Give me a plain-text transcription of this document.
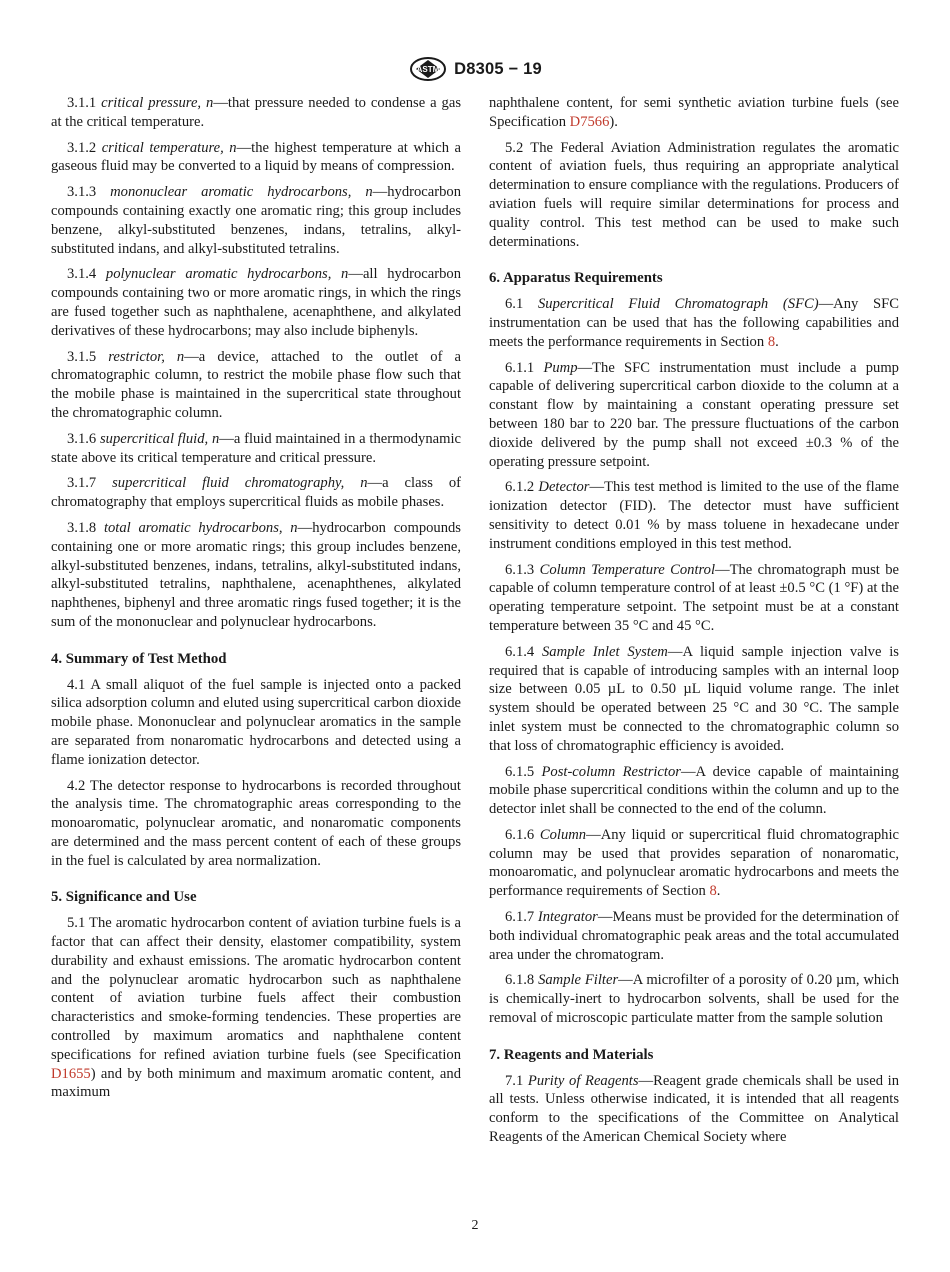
ASTM D8305 − 19

3.1.1 critical pressure, n—that pressure needed to condense a gas at the critical temperature.

3.1.2 critical temperature, n—the highest temperature at which a gaseous fluid may be converted to a liquid by means of compression.

3.1.3 mononuclear aromatic hydrocarbons, n—hydrocarbon compounds containing exactly one aromatic ring; this group includes benzene, alkyl-substituted benzenes, indans, tetralins, alkyl-substituted indans, and alkyl-substituted tetralins.

3.1.4 polynuclear aromatic hydrocarbons, n—all hydrocarbon compounds containing two or more aromatic rings, in which the rings are fused together such as naphthalene, acenaphthene, and alkylated derivatives of these hydrocarbons; may also include biphenyls.

3.1.5 restrictor, n—a device, attached to the outlet of a chromatographic column, to restrict the mobile phase flow such that the mobile phase is maintained in the supercritical state throughout the chromatographic column.

3.1.6 supercritical fluid, n—a fluid maintained in a thermodynamic state above its critical temperature and critical pressure.

3.1.7 supercritical fluid chromatography, n—a class of chromatography that employs supercritical fluids as mobile phases.

3.1.8 total aromatic hydrocarbons, n—hydrocarbon compounds containing one or more aromatic rings; this group includes benzene, alkyl-substituted benzenes, indans, tetralins, alkyl-substituted indans, alkyl-substituted tetralins, naphthalene, acenaphthenes, alkylated naphthenes, biphenyl and three aromatic rings fused together; it is the sum of the mononuclear and polynuclear hydrocarbons.

4. Summary of Test Method

4.1 A small aliquot of the fuel sample is injected onto a packed silica adsorption column and eluted using supercritical carbon dioxide mobile phase. Mononuclear and polynuclear aromatics in the sample are separated from nonaromatic hydrocarbons and detected using a flame ionization detector.

4.2 The detector response to hydrocarbons is recorded throughout the analysis time. The chromatographic areas corresponding to the monoaromatic, polynuclear aromatic, and nonaromatic components are determined and the mass percent content of each of these groups in the fuel is calculated by area normalization.

5. Significance and Use

5.1 The aromatic hydrocarbon content of aviation turbine fuels is a factor that can affect their density, elastomer compatibility, system durability and exhaust emissions. The aromatic hydrocarbon content and the polynuclear aromatic hydrocarbon such as naphthalene content of aviation turbine fuels affect their combustion characteristics and smoke-forming tendencies. These properties are controlled by maximum aromatics and naphthalene content specifications for refined aviation turbine fuels (see Specification D1655) and by both minimum and maximum aromatic content, and maximum

naphthalene content, for semi synthetic aviation turbine fuels (see Specification D7566).

5.2 The Federal Aviation Administration regulates the aromatic content of aviation fuels, thus requiring an appropriate analytical determination to ensure compliance with the regulations. Producers of aviation fuels will require similar determinations for process and quality control. This test method can be used to make such determinations.

6. Apparatus Requirements

6.1 Supercritical Fluid Chromatograph (SFC)—Any SFC instrumentation can be used that has the following capabilities and meets the performance requirements in Section 8.

6.1.1 Pump—The SFC instrumentation must include a pump capable of delivering supercritical carbon dioxide to the column at a constant flow by maintaining a constant operating pressure set between 180 bar to 220 bar. The pressure fluctuations of the carbon dioxide delivered by the pump shall not exceed ±0.3 % of the operating pressure setpoint.

6.1.2 Detector—This test method is limited to the use of the flame ionization detector (FID). The detector must have sufficient sensitivity to detect 0.01 % by mass toluene in hexadecane under instrument conditions employed in this test method.

6.1.3 Column Temperature Control—The chromatograph must be capable of column temperature control of at least ±0.5 °C (1 °F) at the operating temperature setpoint. The setpoint must be at a constant temperature between 35 °C and 45 °C.

6.1.4 Sample Inlet System—A liquid sample injection valve is required that is capable of introducing samples with an internal loop size between 0.05 µL to 0.50 µL liquid volume range. The inlet system should be operated between 25 °C and 30 °C. The sample inlet system must be connected to the chromatographic column so that loss of chromatographic efficiency is avoided.

6.1.5 Post-column Restrictor—A device capable of maintaining mobile phase supercritical conditions within the column and up to the detector inlet shall be connected to the end of the column.

6.1.6 Column—Any liquid or supercritical fluid chromatographic column may be used that provides separation of nonaromatic, monoaromatic, and polynuclear aromatic hydrocarbons and meets the performance requirements of Section 8.

6.1.7 Integrator—Means must be provided for the determination of both individual chromatographic peak areas and the total accumulated area under the chromatogram.

6.1.8 Sample Filter—A microfilter of a porosity of 0.20 µm, which is chemically-inert to hydrocarbon solvents, shall be used for the removal of microscopic particulate matter from the sample solution

7. Reagents and Materials

7.1 Purity of Reagents—Reagent grade chemicals shall be used in all tests. Unless otherwise indicated, it is intended that all reagents conform to the specifications of the Committee on Analytical Reagents of the American Chemical Society where

2
